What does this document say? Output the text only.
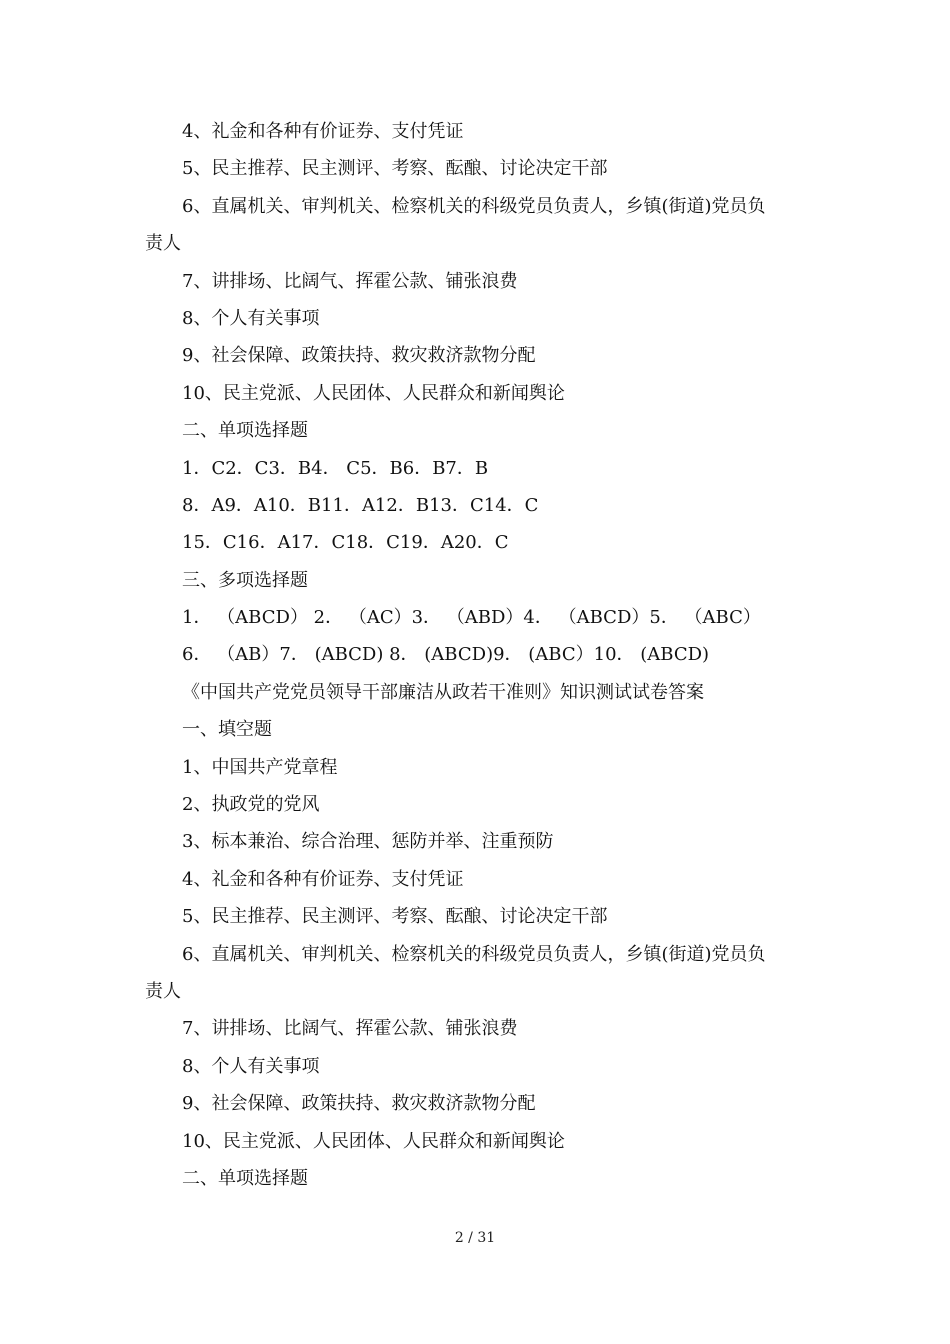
4、礼金和各种有价证券、支付凭证
5、民主推荐、民主测评、考察、酝酿、讨论决定干部
6、直属机关、审判机关、检察机关的科级党员负责人，乡镇(街道)党员负
责人
7、讲排场、比阔气、挥霍公款、铺张浪费
8、个人有关事项
9、社会保障、政策扶持、救灾救济款物分配
10、民主党派、人民团体、人民群众和新闻舆论
二、单项选择题
1．C2．C3．B4． C5．B6．B7．B
8．A9．A10．B11．A12．B13．C14．C
15．C16．A17．C18．C19．A20．C
三、多项选择题
1． （ABCD） 2． （AC）3． （ABD）4． （ABCD）5． （ABC）
6． （AB）7． (ABCD) 8． (ABCD)9． (ABC）10． (ABCD)
《中国共产党党员领导干部廉洁从政若干准则》知识测试试卷答案
一、填空题
1、中国共产党章程
2、执政党的党风
3、标本兼治、综合治理、惩防并举、注重预防
4、礼金和各种有价证券、支付凭证
5、民主推荐、民主测评、考察、酝酿、讨论决定干部
6、直属机关、审判机关、检察机关的科级党员负责人，乡镇(街道)党员负
责人
7、讲排场、比阔气、挥霍公款、铺张浪费
8、个人有关事项
9、社会保障、政策扶持、救灾救济款物分配
10、民主党派、人民团体、人民群众和新闻舆论
二、单项选择题
2 / 31
